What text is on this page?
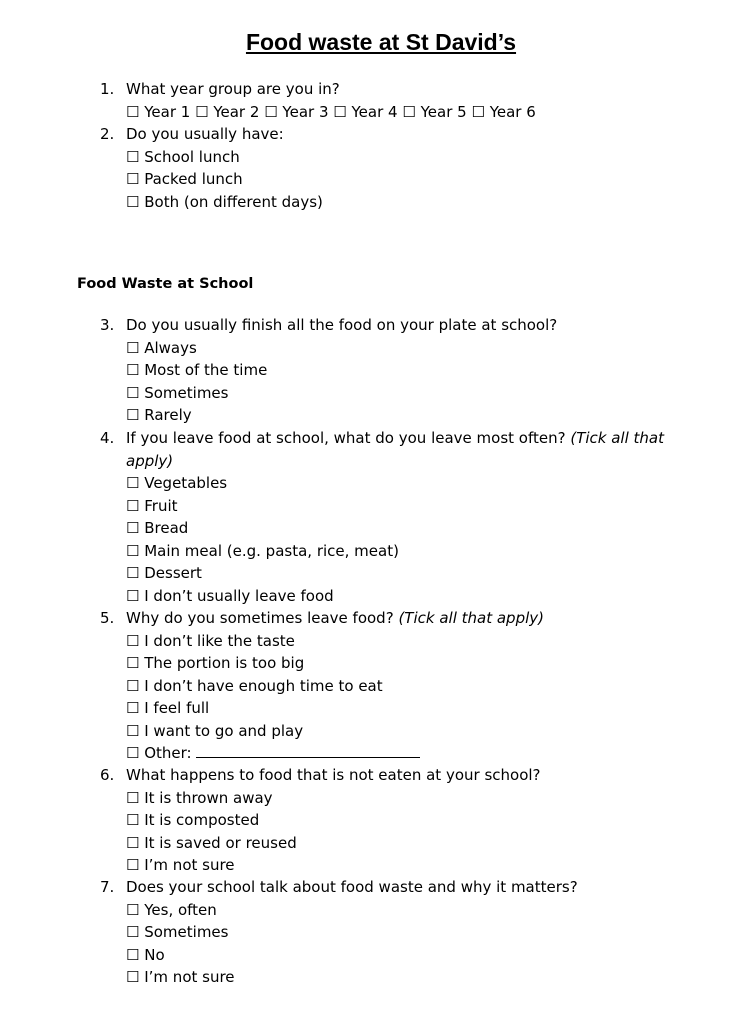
Food waste at St David’s
1. What year group are you in?
☐ Year 1 ☐ Year 2 ☐ Year 3 ☐ Year 4 ☐ Year 5 ☐ Year 6
2. Do you usually have:
☐ School lunch
☐ Packed lunch
☐ Both (on different days)
Food Waste at School
3. Do you usually finish all the food on your plate at school?
☐ Always
☐ Most of the time
☐ Sometimes
☐ Rarely
4. If you leave food at school, what do you leave most often? (Tick all that apply)
☐ Vegetables
☐ Fruit
☐ Bread
☐ Main meal (e.g. pasta, rice, meat)
☐ Dessert
☐ I don’t usually leave food
5. Why do you sometimes leave food? (Tick all that apply)
☐ I don’t like the taste
☐ The portion is too big
☐ I don’t have enough time to eat
☐ I feel full
☐ I want to go and play
☐ Other:
6. What happens to food that is not eaten at your school?
☐ It is thrown away
☐ It is composted
☐ It is saved or reused
☐ I’m not sure
7. Does your school talk about food waste and why it matters?
☐ Yes, often
☐ Sometimes
☐ No
☐ I’m not sure
